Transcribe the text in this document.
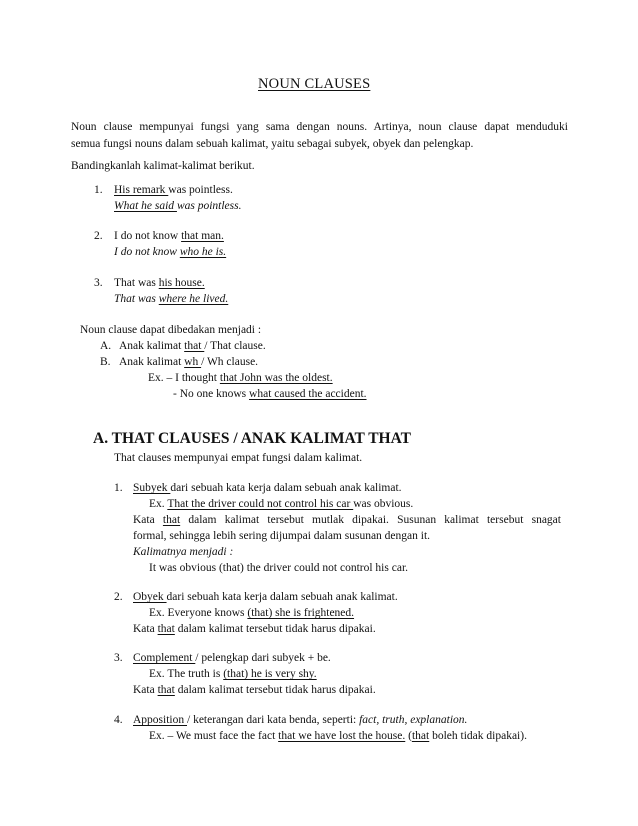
NOUN CLAUSES
Noun clause mempunyai fungsi yang sama dengan nouns. Artinya, noun clause dapat menduduki
semua fungsi nouns dalam sebuah kalimat, yaitu sebagai subyek, obyek dan pelengkap.
Bandingkanlah kalimat-kalimat berikut.
1. His remark was pointless.
What he said was pointless.
2. I do not know that man.
I do not know who he is.
3. That was his house.
That was where he lived.
Noun clause dapat dibedakan menjadi :
A. Anak kalimat that / That clause.
B. Anak kalimat wh / Wh clause.
Ex. – I thought that John was the oldest.
- No one knows what caused the accident.
A. THAT CLAUSES / ANAK KALIMAT THAT
That clauses mempunyai empat fungsi dalam kalimat.
1. Subyek dari sebuah kata kerja dalam sebuah anak kalimat.
Ex. That the driver could not control his car was obvious.
Kata that dalam kalimat tersebut mutlak dipakai. Susunan kalimat tersebut snagat
formal, sehingga lebih sering dijumpai dalam susunan dengan it.
Kalimatnya menjadi :
It was obvious (that) the driver could not control his car.
2. Obyek dari sebuah kata kerja dalam sebuah anak kalimat.
Ex. Everyone knows (that) she is frightened.
Kata that dalam kalimat tersebut tidak harus dipakai.
3. Complement / pelengkap dari subyek + be.
Ex. The truth is (that) he is very shy.
Kata that dalam kalimat tersebut tidak harus dipakai.
4. Apposition / keterangan dari kata benda, seperti: fact, truth, explanation.
Ex. – We must face the fact that we have lost the house. (that boleh tidak dipakai).
